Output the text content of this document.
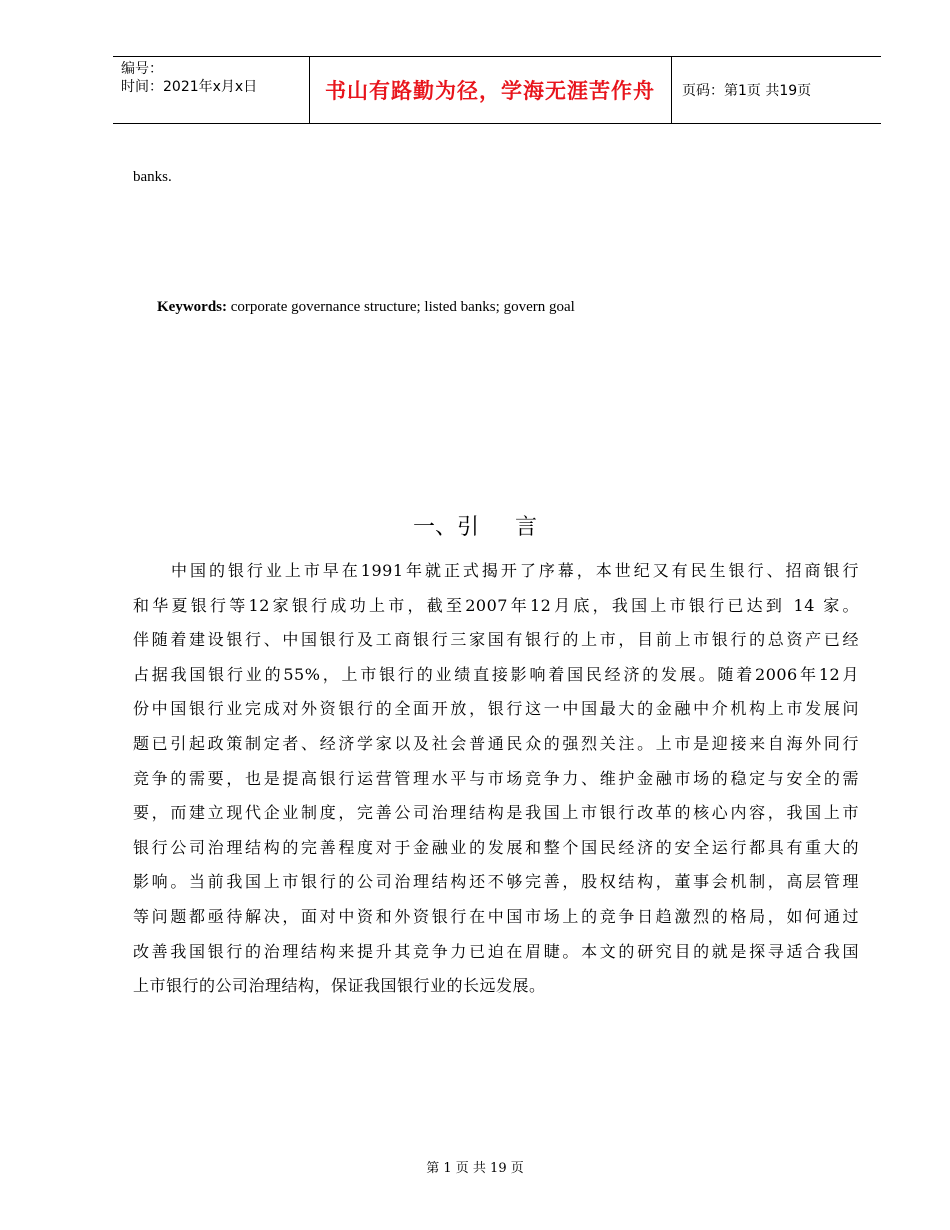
编号：
时间：2021年x月x日	书山有路勤为径，学海无涯苦作舟	页码：第1页 共19页
banks.
Keywords: corporate governance structure; listed banks; govern goal
一、引 言
中国的银行业上市早在1991年就正式揭开了序幕，本世纪又有民生银行、招商银行
和华夏银行等12家银行成功上市，截至2007年12月底，我国上市银行已达到 14 家。
伴随着建设银行、中国银行及工商银行三家国有银行的上市，目前上市银行的总资产已经
占据我国银行业的55%，上市银行的业绩直接影响着国民经济的发展。随着2006年12月
份中国银行业完成对外资银行的全面开放，银行这一中国最大的金融中介机构上市发展问
题已引起政策制定者、经济学家以及社会普通民众的强烈关注。上市是迎接来自海外同行
竞争的需要，也是提高银行运营管理水平与市场竞争力、维护金融市场的稳定与安全的需
要，而建立现代企业制度，完善公司治理结构是我国上市银行改革的核心内容，我国上市
银行公司治理结构的完善程度对于金融业的发展和整个国民经济的安全运行都具有重大的
影响。当前我国上市银行的公司治理结构还不够完善，股权结构，董事会机制，高层管理
等问题都亟待解决，面对中资和外资银行在中国市场上的竞争日趋激烈的格局，如何通过
改善我国银行的治理结构来提升其竞争力已迫在眉睫。本文的研究目的就是探寻适合我国
上市银行的公司治理结构，保证我国银行业的长远发展。
第 1 页 共 19 页
